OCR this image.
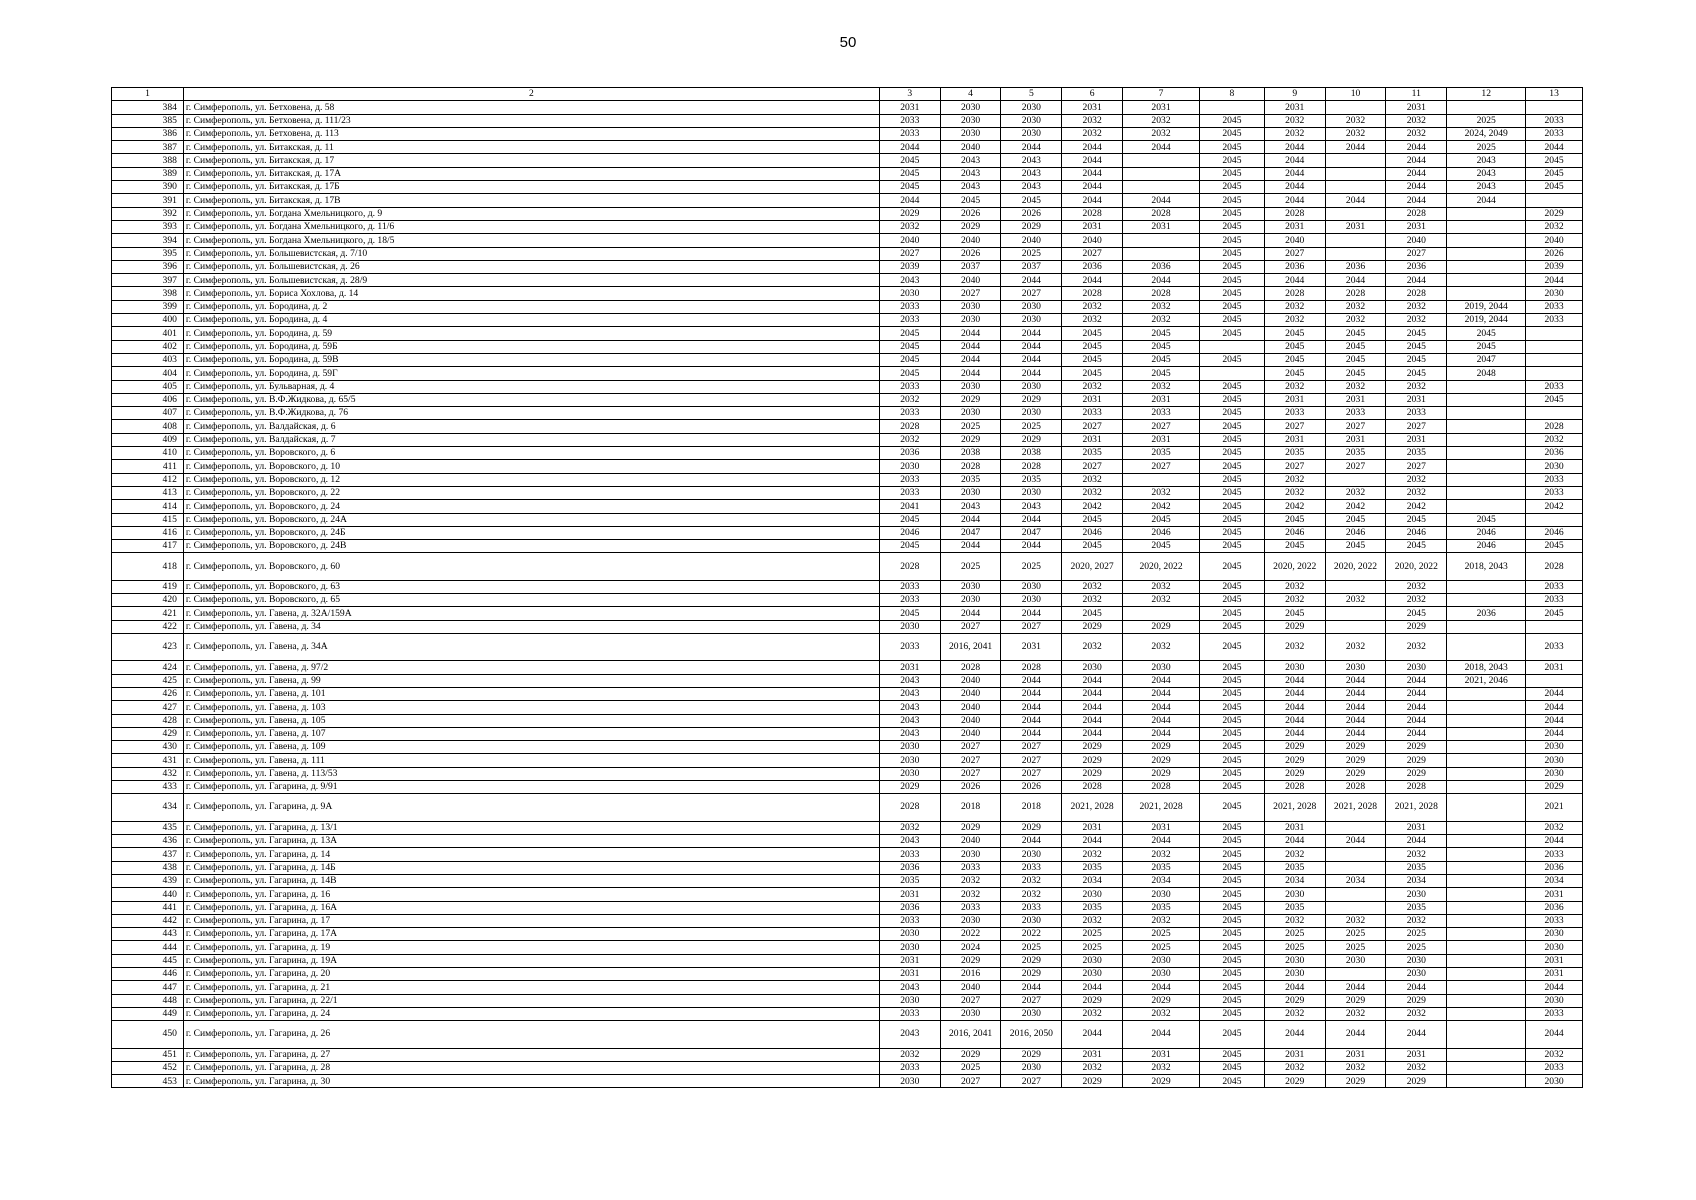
50
1	2	3	4	5	6	7	8	9	10	11	12	13
384	г. Симферополь, ул. Бетховена, д. 58	2031	2030	2030	2031	2031		2031		2031		
385	г. Симферополь, ул. Бетховена, д. 111/23	2033	2030	2030	2032	2032	2045	2032	2032	2032	2025	2033
386	г. Симферополь, ул. Бетховена, д. 113	2033	2030	2030	2032	2032	2045	2032	2032	2032	2024, 2049	2033
387	г. Симферополь, ул. Битакская, д. 11	2044	2040	2044	2044	2044	2045	2044	2044	2044	2025	2044
388	г. Симферополь, ул. Битакская, д. 17	2045	2043	2043	2044		2045	2044		2044	2043	2045
389	г. Симферополь, ул. Битакская, д. 17А	2045	2043	2043	2044		2045	2044		2044	2043	2045
390	г. Симферополь, ул. Битакская, д. 17Б	2045	2043	2043	2044		2045	2044		2044	2043	2045
391	г. Симферополь, ул. Битакская, д. 17В	2044	2045	2045	2044	2044	2045	2044	2044	2044	2044	
392	г. Симферополь, ул. Богдана Хмельницкого, д. 9	2029	2026	2026	2028	2028	2045	2028		2028		2029
393	г. Симферополь, ул. Богдана Хмельницкого, д. 11/6	2032	2029	2029	2031	2031	2045	2031	2031	2031		2032
394	г. Симферополь, ул. Богдана Хмельницкого, д. 18/5	2040	2040	2040	2040		2045	2040		2040		2040
395	г. Симферополь, ул. Большевистская, д. 7/10	2027	2026	2025	2027		2045	2027		2027		2026
396	г. Симферополь, ул. Большевистская, д. 26	2039	2037	2037	2036	2036	2045	2036	2036	2036		2039
397	г. Симферополь, ул. Большевистская, д. 28/9	2043	2040	2044	2044	2044	2045	2044	2044	2044		2044
398	г. Симферополь, ул. Бориса Хохлова, д. 14	2030	2027	2027	2028	2028	2045	2028	2028	2028		2030
399	г. Симферополь, ул. Бородина, д. 2	2033	2030	2030	2032	2032	2045	2032	2032	2032	2019, 2044	2033
400	г. Симферополь, ул. Бородина, д. 4	2033	2030	2030	2032	2032	2045	2032	2032	2032	2019, 2044	2033
401	г. Симферополь, ул. Бородина, д. 59	2045	2044	2044	2045	2045	2045	2045	2045	2045	2045	
402	г. Симферополь, ул. Бородина, д. 59Б	2045	2044	2044	2045	2045		2045	2045	2045	2045	
403	г. Симферополь, ул. Бородина, д. 59В	2045	2044	2044	2045	2045	2045	2045	2045	2045	2047	
404	г. Симферополь, ул. Бородина, д. 59Г	2045	2044	2044	2045	2045		2045	2045	2045	2048	
405	г. Симферополь, ул. Бульварная, д. 4	2033	2030	2030	2032	2032	2045	2032	2032	2032		2033
406	г. Симферополь, ул. В.Ф.Жидкова, д. 65/5	2032	2029	2029	2031	2031	2045	2031	2031	2031		2045
407	г. Симферополь, ул. В.Ф.Жидкова, д. 76	2033	2030	2030	2033	2033	2045	2033	2033	2033		
408	г. Симферополь, ул. Валдайская, д. 6	2028	2025	2025	2027	2027	2045	2027	2027	2027		2028
409	г. Симферополь, ул. Валдайская, д. 7	2032	2029	2029	2031	2031	2045	2031	2031	2031		2032
410	г. Симферополь, ул. Воровского, д. 6	2036	2038	2038	2035	2035	2045	2035	2035	2035		2036
411	г. Симферополь, ул. Воровского, д. 10	2030	2028	2028	2027	2027	2045	2027	2027	2027		2030
412	г. Симферополь, ул. Воровского, д. 12	2033	2035	2035	2032		2045	2032		2032		2033
413	г. Симферополь, ул. Воровского, д. 22	2033	2030	2030	2032	2032	2045	2032	2032	2032		2033
414	г. Симферополь, ул. Воровского, д. 24	2041	2043	2043	2042	2042	2045	2042	2042	2042		2042
415	г. Симферополь, ул. Воровского, д. 24А	2045	2044	2044	2045	2045	2045	2045	2045	2045	2045	
416	г. Симферополь, ул. Воровского, д. 24Б	2046	2047	2047	2046	2046	2045	2046	2046	2046	2046	2046
417	г. Симферополь, ул. Воровского, д. 24В	2045	2044	2044	2045	2045	2045	2045	2045	2045	2046	2045
418	г. Симферополь, ул. Воровского, д. 60	2028	2025	2025	2020, 2027	2020, 2022	2045	2020, 2022	2020, 2022	2020, 2022	2018, 2043	2028
419	г. Симферополь, ул. Воровского, д. 63	2033	2030	2030	2032	2032	2045	2032		2032		2033
420	г. Симферополь, ул. Воровского, д. 65	2033	2030	2030	2032	2032	2045	2032	2032	2032		2033
421	г. Симферополь, ул. Гавена, д. 32А/159А	2045	2044	2044	2045		2045	2045		2045	2036	2045
422	г. Симферополь, ул. Гавена, д. 34	2030	2027	2027	2029	2029	2045	2029		2029		
423	г. Симферополь, ул. Гавена, д. 34А	2033	2016, 2041	2031	2032	2032	2045	2032	2032	2032		2033
424	г. Симферополь, ул. Гавена, д. 97/2	2031	2028	2028	2030	2030	2045	2030	2030	2030	2018, 2043	2031
425	г. Симферополь, ул. Гавена, д. 99	2043	2040	2044	2044	2044	2045	2044	2044	2044	2021, 2046	
426	г. Симферополь, ул. Гавена, д. 101	2043	2040	2044	2044	2044	2045	2044	2044	2044		2044
427	г. Симферополь, ул. Гавена, д. 103	2043	2040	2044	2044	2044	2045	2044	2044	2044		2044
428	г. Симферополь, ул. Гавена, д. 105	2043	2040	2044	2044	2044	2045	2044	2044	2044		2044
429	г. Симферополь, ул. Гавена, д. 107	2043	2040	2044	2044	2044	2045	2044	2044	2044		2044
430	г. Симферополь, ул. Гавена, д. 109	2030	2027	2027	2029	2029	2045	2029	2029	2029		2030
431	г. Симферополь, ул. Гавена, д. 111	2030	2027	2027	2029	2029	2045	2029	2029	2029		2030
432	г. Симферополь, ул. Гавена, д. 113/53	2030	2027	2027	2029	2029	2045	2029	2029	2029		2030
433	г. Симферополь, ул. Гагарина, д. 9/91	2029	2026	2026	2028	2028	2045	2028	2028	2028		2029
434	г. Симферополь, ул. Гагарина, д. 9А	2028	2018	2018	2021, 2028	2021, 2028	2045	2021, 2028	2021, 2028	2021, 2028		2021
435	г. Симферополь, ул. Гагарина, д. 13/1	2032	2029	2029	2031	2031	2045	2031		2031		2032
436	г. Симферополь, ул. Гагарина, д. 13А	2043	2040	2044	2044	2044	2045	2044	2044	2044		2044
437	г. Симферополь, ул. Гагарина, д. 14	2033	2030	2030	2032	2032	2045	2032		2032		2033
438	г. Симферополь, ул. Гагарина, д. 14Б	2036	2033	2033	2035	2035	2045	2035		2035		2036
439	г. Симферополь, ул. Гагарина, д. 14В	2035	2032	2032	2034	2034	2045	2034	2034	2034		2034
440	г. Симферополь, ул. Гагарина, д. 16	2031	2032	2032	2030	2030	2045	2030		2030		2031
441	г. Симферополь, ул. Гагарина, д. 16А	2036	2033	2033	2035	2035	2045	2035		2035		2036
442	г. Симферополь, ул. Гагарина, д. 17	2033	2030	2030	2032	2032	2045	2032	2032	2032		2033
443	г. Симферополь, ул. Гагарина, д. 17А	2030	2022	2022	2025	2025	2045	2025	2025	2025		2030
444	г. Симферополь, ул. Гагарина, д. 19	2030	2024	2025	2025	2025	2045	2025	2025	2025		2030
445	г. Симферополь, ул. Гагарина, д. 19А	2031	2029	2029	2030	2030	2045	2030	2030	2030		2031
446	г. Симферополь, ул. Гагарина, д. 20	2031	2016	2029	2030	2030	2045	2030		2030		2031
447	г. Симферополь, ул. Гагарина, д. 21	2043	2040	2044	2044	2044	2045	2044	2044	2044		2044
448	г. Симферополь, ул. Гагарина, д. 22/1	2030	2027	2027	2029	2029	2045	2029	2029	2029		2030
449	г. Симферополь, ул. Гагарина, д. 24	2033	2030	2030	2032	2032	2045	2032	2032	2032		2033
450	г. Симферополь, ул. Гагарина, д. 26	2043	2016, 2041	2016, 2050	2044	2044	2045	2044	2044	2044		2044
451	г. Симферополь, ул. Гагарина, д. 27	2032	2029	2029	2031	2031	2045	2031	2031	2031		2032
452	г. Симферополь, ул. Гагарина, д. 28	2033	2025	2030	2032	2032	2045	2032	2032	2032		2033
453	г. Симферополь, ул. Гагарина, д. 30	2030	2027	2027	2029	2029	2045	2029	2029	2029		2030
